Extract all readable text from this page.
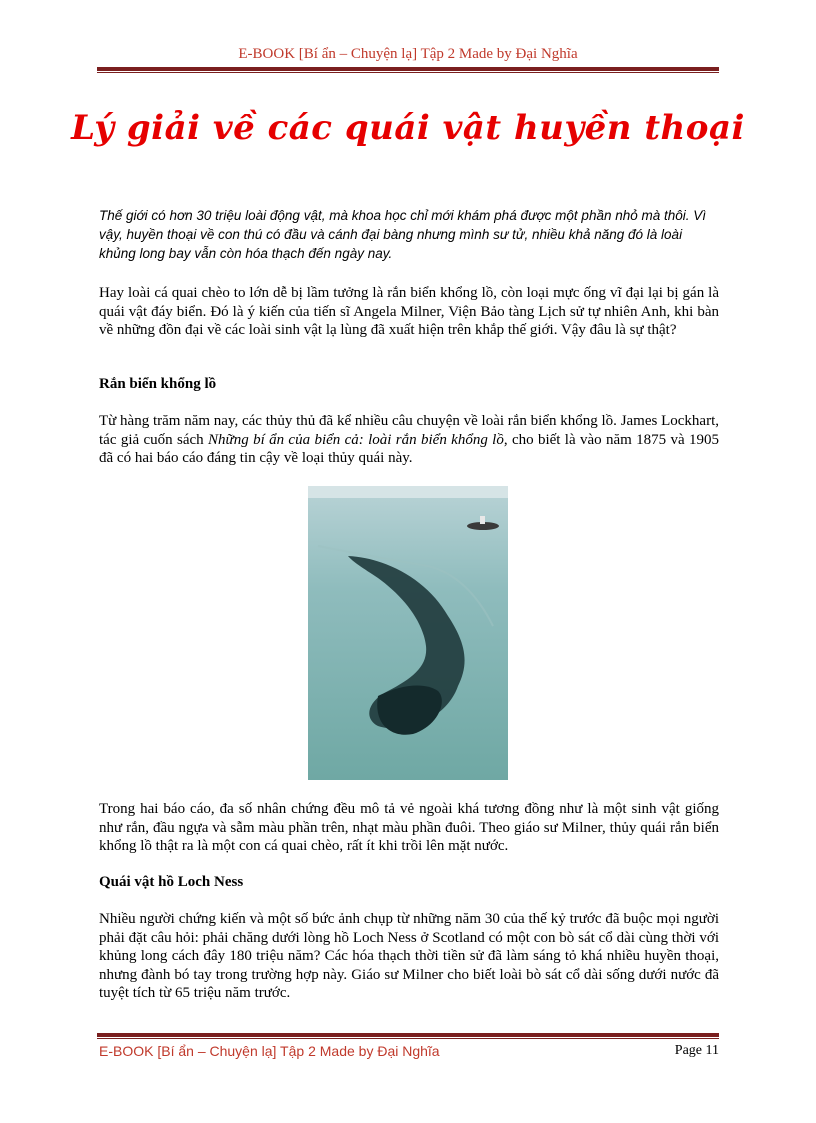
E-BOOK [Bí ẩn – Chuyện lạ] Tập 2 Made by Đại Nghĩa
Lý giải về các quái vật huyền thoại
Thế giới có hơn 30 triệu loài động vật, mà khoa học chỉ mới khám phá được một phần nhỏ mà thôi. Vì vậy, huyền thoại về con thú có đầu và cánh đại bàng nhưng mình sư tử, nhiều khả năng đó là loài khủng long bay vẫn còn hóa thạch đến ngày nay.
Hay loài cá quai chèo to lớn dễ bị lầm tưởng là rắn biển khổng lồ, còn loại mực ống vĩ đại lại bị gán là quái vật đáy biển. Đó là ý kiến của tiến sĩ Angela Milner, Viện Bảo tàng Lịch sử tự nhiên Anh, khi bàn về những đồn đại về các loài sinh vật lạ lùng đã xuất hiện trên khắp thế giới. Vậy đâu là sự thật?
Rắn biển khổng lồ
Từ hàng trăm năm nay, các thủy thủ đã kể nhiều câu chuyện về loài rắn biển khổng lồ. James Lockhart, tác giả cuốn sách Những bí ẩn của biển cả: loài rắn biển khổng lồ, cho biết là vào năm 1875 và 1905 đã có hai báo cáo đáng tin cậy về loại thủy quái này.
Trong hai báo cáo, đa số nhân chứng đều mô tả vẻ ngoài khá tương đồng như là một sinh vật giống như rắn, đầu ngựa và sẫm màu phần trên, nhạt màu phần đuôi. Theo giáo sư Milner, thủy quái rắn biển khổng lồ thật ra là một con cá quai chèo, rất ít khi trồi lên mặt nước.
Quái vật hồ Loch Ness
Nhiều người chứng kiến và một số bức ảnh chụp từ những năm 30 của thế kỷ trước đã buộc mọi người phải đặt câu hỏi: phải chăng dưới lòng hồ Loch Ness ở Scotland có một con bò sát cổ dài cùng thời với khủng long cách đây 180 triệu năm? Các hóa thạch thời tiền sử đã làm sáng tỏ khá nhiều huyền thoại, nhưng đành bó tay trong trường hợp này. Giáo sư Milner cho biết loài bò sát cổ dài sống dưới nước đã tuyệt tích từ 65 triệu năm trước.
E-BOOK [Bí ẩn – Chuyện lạ] Tập 2 Made by Đại Nghĩa	Page 11
